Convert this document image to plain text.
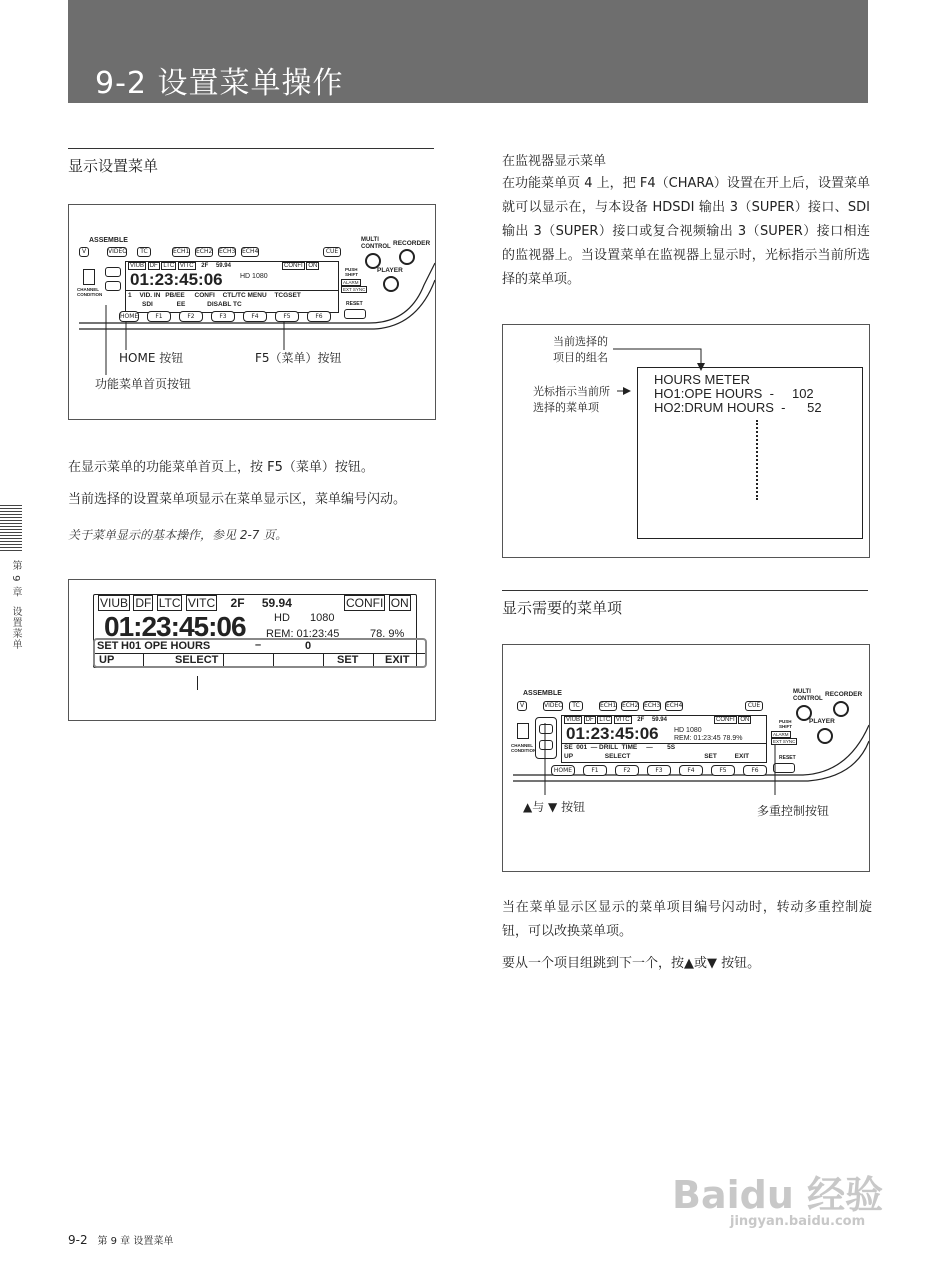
9-2 设置菜单操作
第 9 章  设置菜单
显示设置菜单
ASSEMBLE
V	VIDEO	TC	ECH1 ECH2 ECH3 ECH4	CUE
VIUB DF LTC VITC 2F 59.94	CONFI ON
01:23:45:06 HD 1080
1 VID. IN PB/EE CONFI CTL/TC MENU TCGSET
SDI	EE	DISABL TC
CHANNEL
CONDITION
MULTI
CONTROL RECORDER
PUSH
SHIFT
PLAYER
ALARM
EXT SYNC
RESET
HOME	F1	F2	F3	F4	F5	F6
HOME 按钮	F5（菜单）按钮
功能菜单首页按钮
在显示菜单的功能菜单首页上，按 F5（菜单）按钮。
当前选择的设置菜单项显示在菜单显示区，菜单编号闪动。
关于菜单显示的基本操作，参见 2-7 页。
VIUB DF LTC VITC 2F 59.94	CONFI ON
01:23:45:06	HD 1080
REM: 01:23:45	78. 9%
SET H01 OPE HOURS	–	0
UP	SELECT	SET EXIT
在监视器显示菜单
在功能菜单页 4 上，把 F4（CHARA）设置在开上后，设置菜单就可以显示在，与本设备 HDSDI 输出 3（SUPER）接口、SDI 输出 3（SUPER）接口或复合视频输出 3（SUPER）接口相连的监视器上。当设置菜单在监视器上显示时，光标指示当前所选择的菜单项。
当前选择的
项目的组名
光标指示当前所
选择的菜单项
HOURS METER
HO1:OPE HOURS  -     102
HO2:DRUM HOURS  -      52
显示需要的菜单项
ASSEMBLE
V	VIDEO	TC	ECH1 ECH2 ECH3 ECH4	CUE
VIUB DF LTC VITC 2F 59.94	CONFI ON
01:23:45:06 HD 1080
REM: 01:23:45 78.9%
SE  001  — DRILL  TIME     —        5S
UP	SELECT	SET	EXIT
CHANNEL
CONDITION
MULTI
CONTROL
RECORDER
PUSH
SHIFT
PLAYER
ALARM
EXT SYNC
RESET
HOME	F1	F2	F3	F4	F5	F6
▲与 ▼ 按钮	多重控制按钮
当在菜单显示区显示的菜单项目编号闪动时，转动多重控制旋钮，可以改换菜单项。
要从一个项目组跳到下一个，按▲或▼ 按钮。
9-2 第 9 章 设置菜单
Baidu 经验
jingyan.baidu.com
